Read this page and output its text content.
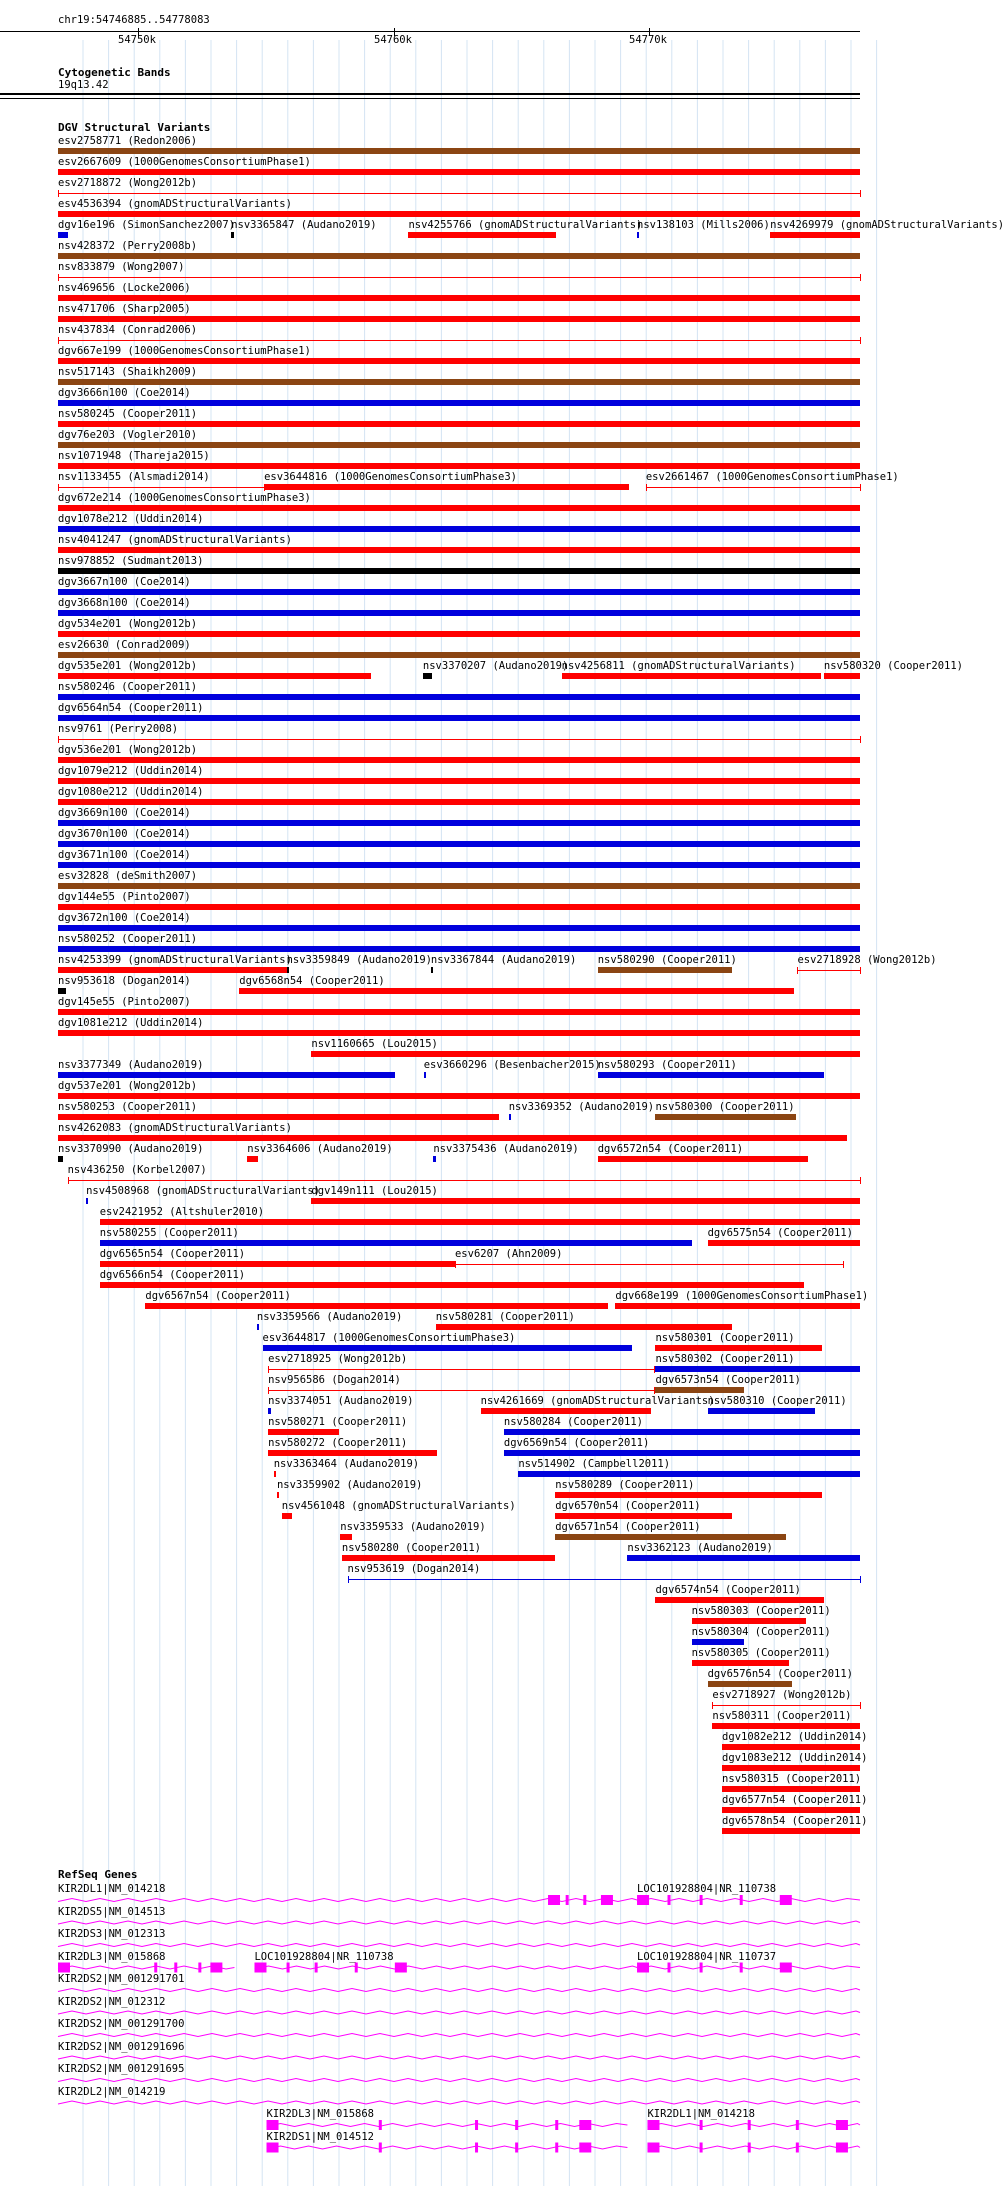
chr19:54746885..54778083
54750k	54760k	54770k
Cytogenetic Bands
19q13.42
DGV Structural Variants
RefSeq Genes
esv2758771 (Redon2006)
esv2667609 (1000GenomesConsortiumPhase1)
esv2718872 (Wong2012b)
esv4536394 (gnomADStructuralVariants)
dgv16e196 (SimonSanchez2007)
nsv3365847 (Audano2019)	nsv4255766 (gnomADStructuralVariants)
nsv138103 (Mills2006) nsv4269979 (gnomADStructuralVariants)
nsv428372 (Perry2008b)
nsv833879 (Wong2007)
nsv469656 (Locke2006)
nsv471706 (Sharp2005)
nsv437834 (Conrad2006)
dgv667e199 (1000GenomesConsortiumPhase1)
nsv517143 (Shaikh2009)
dgv3666n100 (Coe2014)
nsv580245 (Cooper2011)
dgv76e203 (Vogler2010)
nsv1071948 (Thareja2015)
nsv1133455 (Alsmadi2014)	esv3644816 (1000GenomesConsortiumPhase3)	esv2661467 (1000GenomesConsortiumPhase1)
dgv672e214 (1000GenomesConsortiumPhase3)
dgv1078e212 (Uddin2014)
nsv4041247 (gnomADStructuralVariants)
nsv978852 (Sudmant2013)
dgv3667n100 (Coe2014)
dgv3668n100 (Coe2014)
dgv534e201 (Wong2012b)
esv26630 (Conrad2009)
dgv535e201 (Wong2012b)	nsv3370207 (Audano2019)
nsv4256811 (gnomADStructuralVariants)	nsv580320 (Cooper2011)
nsv580246 (Cooper2011)
dgv6564n54 (Cooper2011)
nsv9761 (Perry2008)
dgv536e201 (Wong2012b)
dgv1079e212 (Uddin2014)
dgv1080e212 (Uddin2014)
dgv3669n100 (Coe2014)
dgv3670n100 (Coe2014)
dgv3671n100 (Coe2014)
esv32828 (deSmith2007)
dgv144e55 (Pinto2007)
dgv3672n100 (Coe2014)
nsv580252 (Cooper2011)
nsv4253399 (gnomADStructuralVariants)
nsv3359849 (Audano2019)
nsv3367844 (Audano2019) nsv580290 (Cooper2011)	esv2718928 (Wong2012b)
nsv953618 (Dogan2014)	dgv6568n54 (Cooper2011)
dgv145e55 (Pinto2007)
dgv1081e212 (Uddin2014)
nsv1160665 (Lou2015)
nsv3377349 (Audano2019)	esv3660296 (Besenbacher2015)
nsv580293 (Cooper2011)
dgv537e201 (Wong2012b)
nsv580253 (Cooper2011)	nsv3369352 (Audano2019) nsv580300 (Cooper2011)
nsv4262083 (gnomADStructuralVariants)
nsv3370990 (Audano2019)	nsv3364606 (Audano2019)	nsv3375436 (Audano2019) dgv6572n54 (Cooper2011)
nsv436250 (Korbel2007)
nsv4508968 (gnomADStructuralVariants)
dgv149n111 (Lou2015)
esv2421952 (Altshuler2010)
nsv580255 (Cooper2011)	dgv6575n54 (Cooper2011)
dgv6565n54 (Cooper2011)	esv6207 (Ahn2009)
dgv6566n54 (Cooper2011)
dgv6567n54 (Cooper2011)	dgv668e199 (1000GenomesConsortiumPhase1)
nsv3359566 (Audano2019)	nsv580281 (Cooper2011)
esv3644817 (1000GenomesConsortiumPhase3)	nsv580301 (Cooper2011)
esv2718925 (Wong2012b)	nsv580302 (Cooper2011)
nsv956586 (Dogan2014)	dgv6573n54 (Cooper2011)
nsv3374051 (Audano2019)	nsv4261669 (gnomADStructuralVariants)
nsv580310 (Cooper2011)
nsv580271 (Cooper2011)	nsv580284 (Cooper2011)
nsv580272 (Cooper2011)	dgv6569n54 (Cooper2011)
nsv3363464 (Audano2019)	nsv514902 (Campbell2011)
nsv3359902 (Audano2019)	nsv580289 (Cooper2011)
nsv4561048 (gnomADStructuralVariants)	dgv6570n54 (Cooper2011)
nsv3359533 (Audano2019)	dgv6571n54 (Cooper2011)
nsv580280 (Cooper2011)	nsv3362123 (Audano2019)
nsv953619 (Dogan2014)
dgv6574n54 (Cooper2011)
nsv580303 (Cooper2011)
nsv580304 (Cooper2011)
nsv580305 (Cooper2011)
dgv6576n54 (Cooper2011)
esv2718927 (Wong2012b)
nsv580311 (Cooper2011)
dgv1082e212 (Uddin2014)
dgv1083e212 (Uddin2014)
nsv580315 (Cooper2011)
dgv6577n54 (Cooper2011)
dgv6578n54 (Cooper2011)
KIR2DL1|NM_014218	LOC101928804|NR_110738
KIR2DS5|NM_014513
KIR2DS3|NM_012313
KIR2DL3|NM_015868	LOC101928804|NR_110738	LOC101928804|NR_110737
KIR2DS2|NM_001291701
KIR2DS2|NM_012312
KIR2DS2|NM_001291700
KIR2DS2|NM_001291696
KIR2DS2|NM_001291695
KIR2DL2|NM_014219
KIR2DL3|NM_015868	KIR2DL1|NM_014218
KIR2DS1|NM_014512
